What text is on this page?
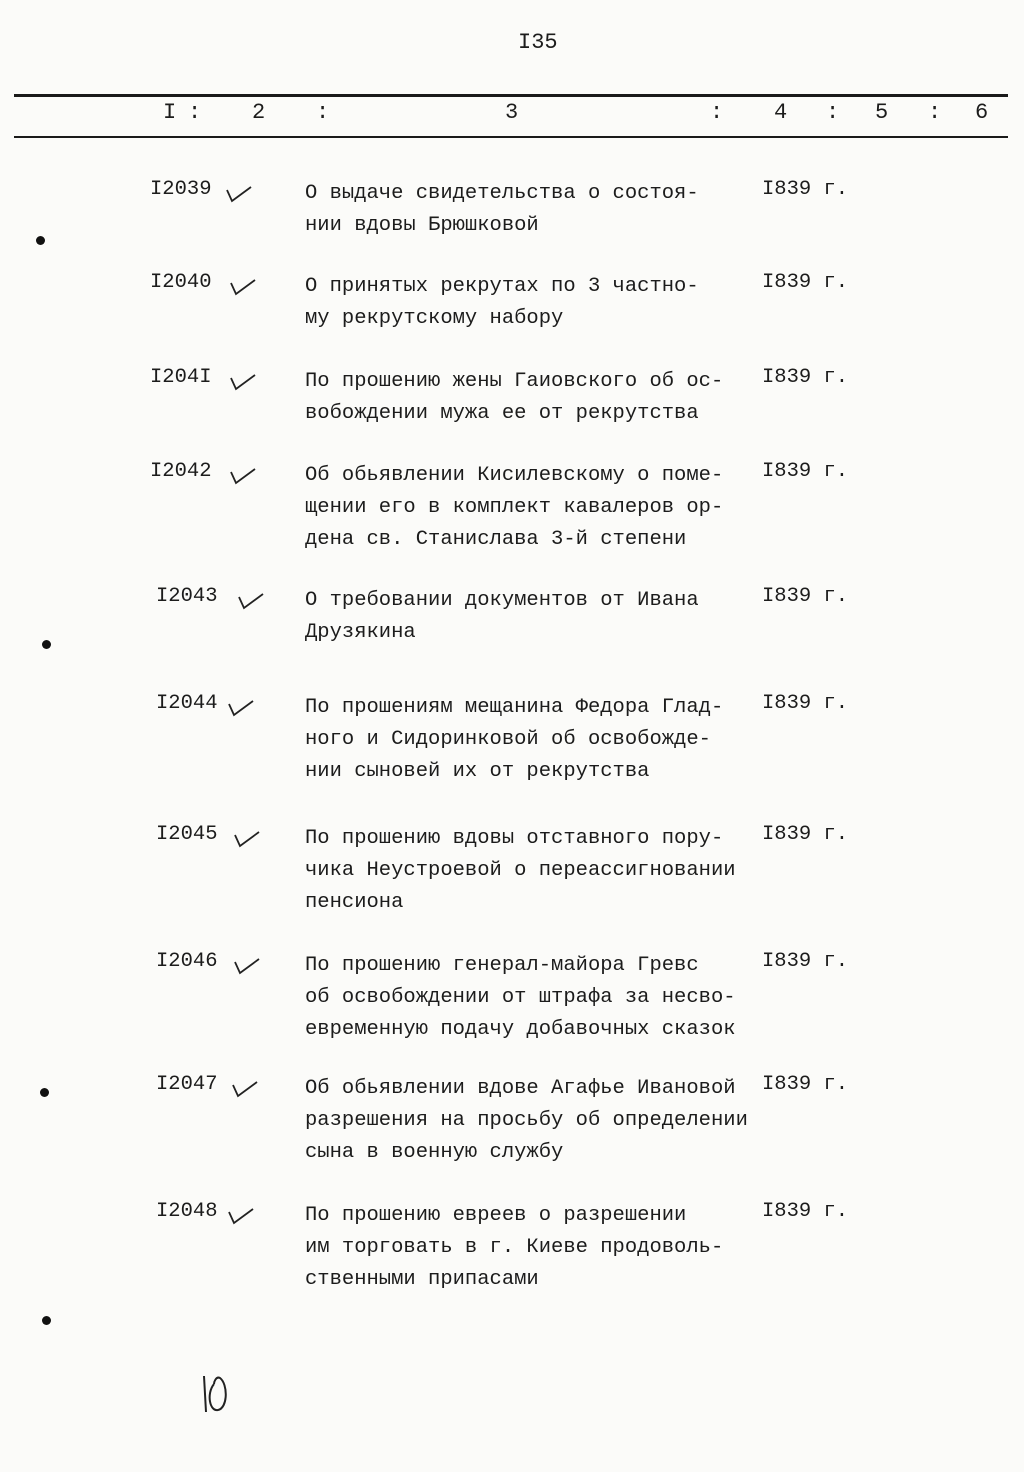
I35
I : 2 :	3	: 4 : 5 : 6
I2039	О выдаче свидетельства о состоя-
нии вдовы Брюшковой
I839 г.
I2040	О принятых рекрутах по 3 частно-
му рекрутскому набору
I839 г.
I204I	По прошению жены Гаиовского об ос-
вобождении мужа ее от рекрутства
I839 г.
I2042	Об обьявлении Кисилевскому о поме-
щении его в комплект кавалеров ор-
дена св. Станислава 3-й степени
I839 г.
I2043	О требовании документов от Ивана
Друзякина
I839 г.
I2044	По прошениям мещанина Федора Глад-
ного и Сидоринковой об освобожде-
нии сыновей их от рекрутства
I839 г.
I2045	По прошению вдовы отставного пору-
чика Неустроевой о переассигновании
пенсиона
I839 г.
I2046	По прошению генерал-майора Гревс
об освобождении от штрафа за несво-
евременную подачу добавочных сказок
I839 г.
I2047	Об обьявлении вдове Агафье Ивановой
разрешения на просьбу об определении
сына в военную службу
I839 г.
I2048	По прошению евреев о разрешении
им торговать в г. Киеве продоволь-
ственными припасами
I839 г.
